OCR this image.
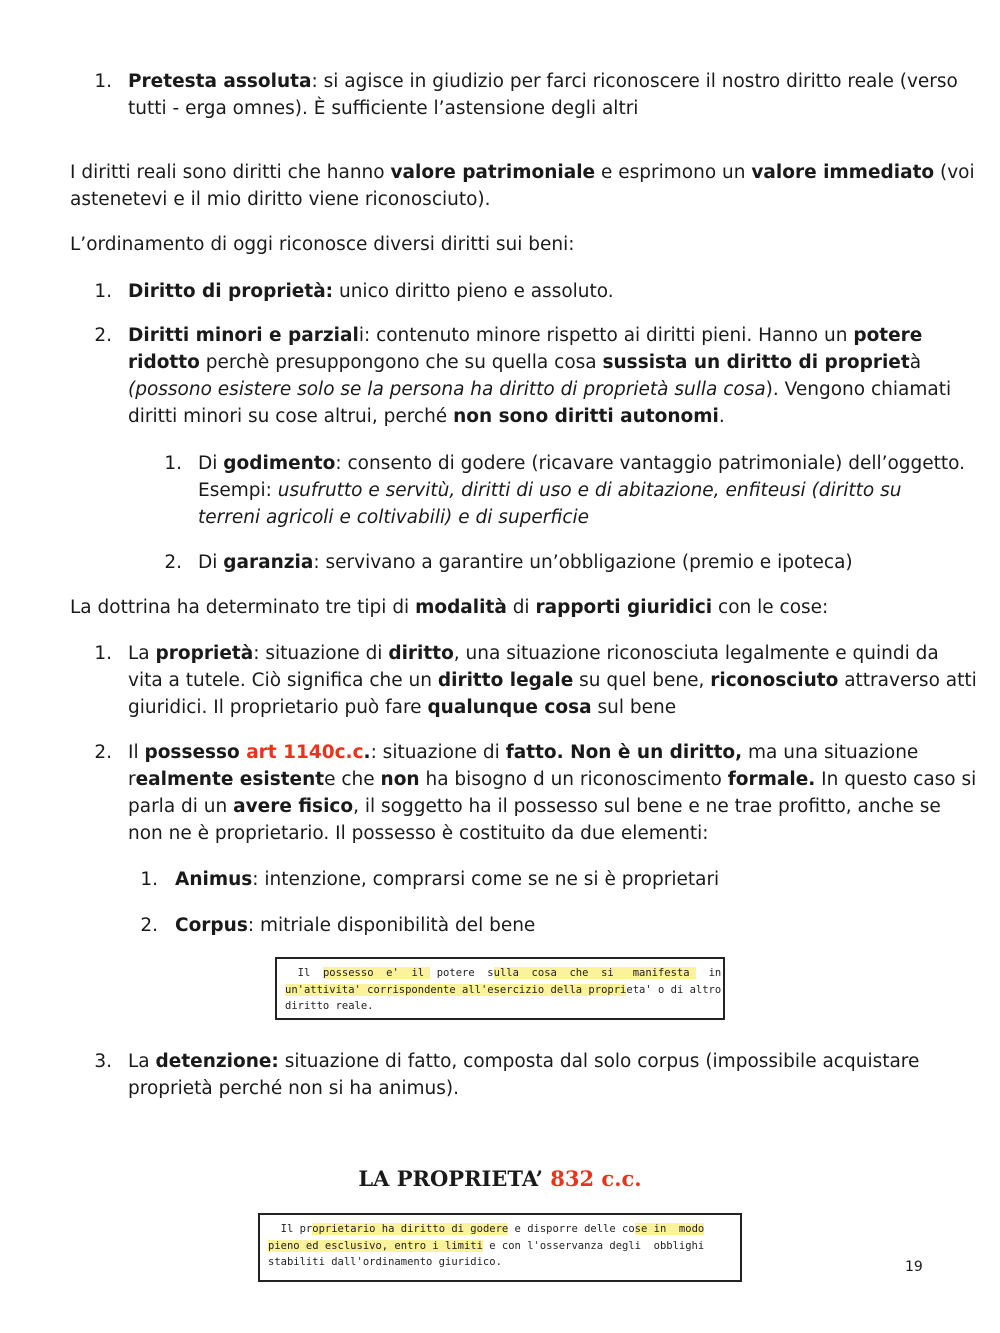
1. Pretesta assoluta: si agisce in giudizio per farci riconoscere il nostro diritto reale (verso
tutti - erga omnes). È sufficiente l’astensione degli altri
I diritti reali sono diritti che hanno valore patrimoniale e esprimono un valore immediato (voi
astenetevi e il mio diritto viene riconosciuto).
L’ordinamento di oggi riconosce diversi diritti sui beni:
1. Diritto di proprietà: unico diritto pieno e assoluto.
2. Diritti minori e parziali: contenuto minore rispetto ai diritti pieni. Hanno un potere
ridotto perchè presuppongono che su quella cosa sussista un diritto di proprietà
(possono esistere solo se la persona ha diritto di proprietà sulla cosa). Vengono chiamati
diritti minori su cose altrui, perché non sono diritti autonomi.
1. Di godimento: consento di godere (ricavare vantaggio patrimoniale) dell’oggetto.
Esempi: usufrutto e servitù, diritti di uso e di abitazione, enfiteusi (diritto su
terreni agricoli e coltivabili) e di superficie
2. Di garanzia: servivano a garantire un’obbligazione (premio e ipoteca)
La dottrina ha determinato tre tipi di modalità di rapporti giuridici con le cose:
1. La proprietà: situazione di diritto, una situazione riconosciuta legalmente e quindi da
vita a tutele. Ciò significa che un diritto legale su quel bene, riconosciuto attraverso atti
giuridici. Il proprietario può fare qualunque cosa sul bene
2. Il possesso art 1140c.c.: situazione di fatto. Non è un diritto, ma una situazione
realmente esistente che non ha bisogno d un riconoscimento formale. In questo caso si
parla di un avere fisico, il soggetto ha il possesso sul bene e ne trae profitto, anche se
non ne è proprietario. Il possesso è costituito da due elementi:
1. Animus: intenzione, comprarsi come se ne si è proprietari
2. Corpus: mitriale disponibilità del bene
Il  possesso  e'  il  potere  sulla  cosa  che  si   manifesta   in
un'attivita' corrispondente all'esercizio della proprieta' o di altro
diritto reale.
3. La detenzione: situazione di fatto, composta dal solo corpus (impossibile acquistare
proprietà perché non si ha animus).
LA PROPRIETA’ 832 c.c.
Il proprietario ha diritto di godere e disporre delle cose in  modo
pieno ed esclusivo, entro i limiti e con l'osservanza degli  obblighi
stabiliti dall'ordinamento giuridico.	19
